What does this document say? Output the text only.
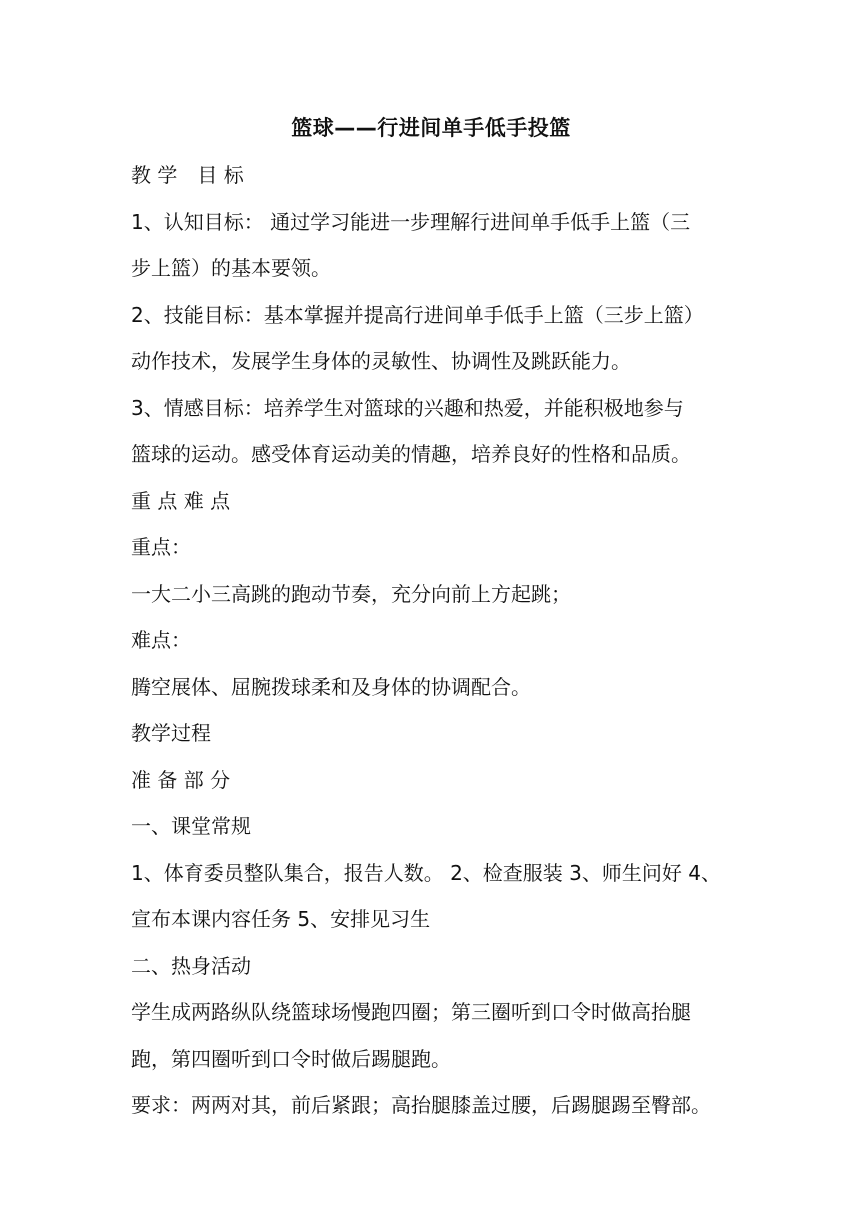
篮球——行进间单手低手投篮

教 学　目 标

1、认知目标： 通过学习能进一步理解行进间单手低手上篮（三

步上篮）的基本要领。

2、技能目标：基本掌握并提高行进间单手低手上篮（三步上篮）

动作技术，发展学生身体的灵敏性、协调性及跳跃能力。

3、情感目标：培养学生对篮球的兴趣和热爱，并能积极地参与

篮球的运动。感受体育运动美的情趣，培养良好的性格和品质。

重 点 难 点

重点：

一大二小三高跳的跑动节奏，充分向前上方起跳；

难点：

腾空展体、屈腕拨球柔和及身体的协调配合。

教学过程

准 备 部 分

一、课堂常规

1、体育委员整队集合，报告人数。 2、检查服装 3、师生问好 4、

宣布本课内容任务 5、安排见习生

二、热身活动

学生成两路纵队绕篮球场慢跑四圈；第三圈听到口令时做高抬腿

跑，第四圈听到口令时做后踢腿跑。

要求：两两对其，前后紧跟；高抬腿膝盖过腰，后踢腿踢至臀部。
